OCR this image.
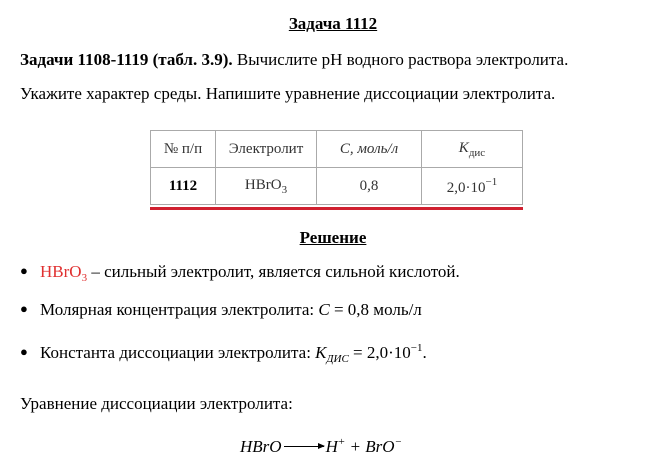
Задача 1112
Задачи 1108-1119 (табл. 3.9). Вычислите pH водного раствора электролита.
Укажите характер среды. Напишите уравнение диссоциации электролита.
№ п/п	Электролит	C, моль/л	$K_{дис}$
1112	HBrO$_3$	0,8	$2,0\cdot 10^{-1}$
Решение
● HBrO$_3$ – сильный электролит, является сильной кислотой.
● Молярная концентрация электролита: C = 0,8 моль/л
● Константа диссоциации электролита: $K_{ДИС} = 2,0\cdot 10^{-1}$.
Уравнение диссоциации электролита:
HBrO	H+ + BrO−
